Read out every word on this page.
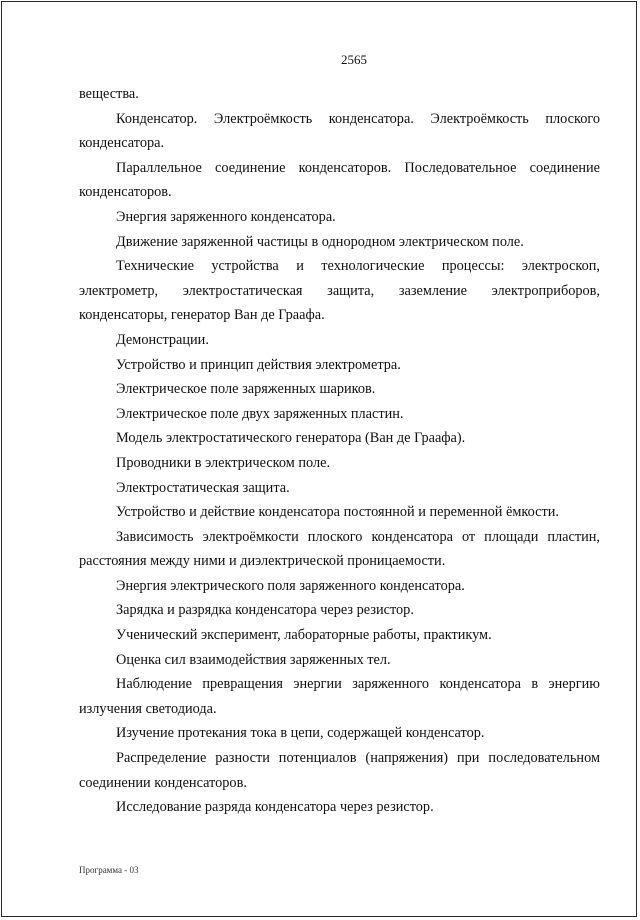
2565

вещества.

Конденсатор. Электроёмкость конденсатора. Электроёмкость плоского конденсатора.

Параллельное соединение конденсаторов. Последовательное соединение конденсаторов.

Энергия заряженного конденсатора.

Движение заряженной частицы в однородном электрическом поле.

Технические устройства и технологические процессы: электроскоп,

электрометр, электростатическая защита, заземление электроприборов,

конденсаторы, генератор Ван де Граафа.

Демонстрации.

Устройство и принцип действия электрометра.

Электрическое поле заряженных шариков.

Электрическое поле двух заряженных пластин.

Модель электростатического генератора (Ван де Граафа).

Проводники в электрическом поле.

Электростатическая защита.

Устройство и действие конденсатора постоянной и переменной ёмкости.

Зависимость электроёмкости плоского конденсатора от площади пластин, расстояния между ними и диэлектрической проницаемости.

Энергия электрического поля заряженного конденсатора.

Зарядка и разрядка конденсатора через резистор.

Ученический эксперимент, лабораторные работы, практикум.

Оценка сил взаимодействия заряженных тел.

Наблюдение превращения энергии заряженного конденсатора в энергию излучения светодиода.

Изучение протекания тока в цепи, содержащей конденсатор.

Распределение разности потенциалов (напряжения) при последовательном соединении конденсаторов.

Исследование разряда конденсатора через резистор.

Программа - 03
